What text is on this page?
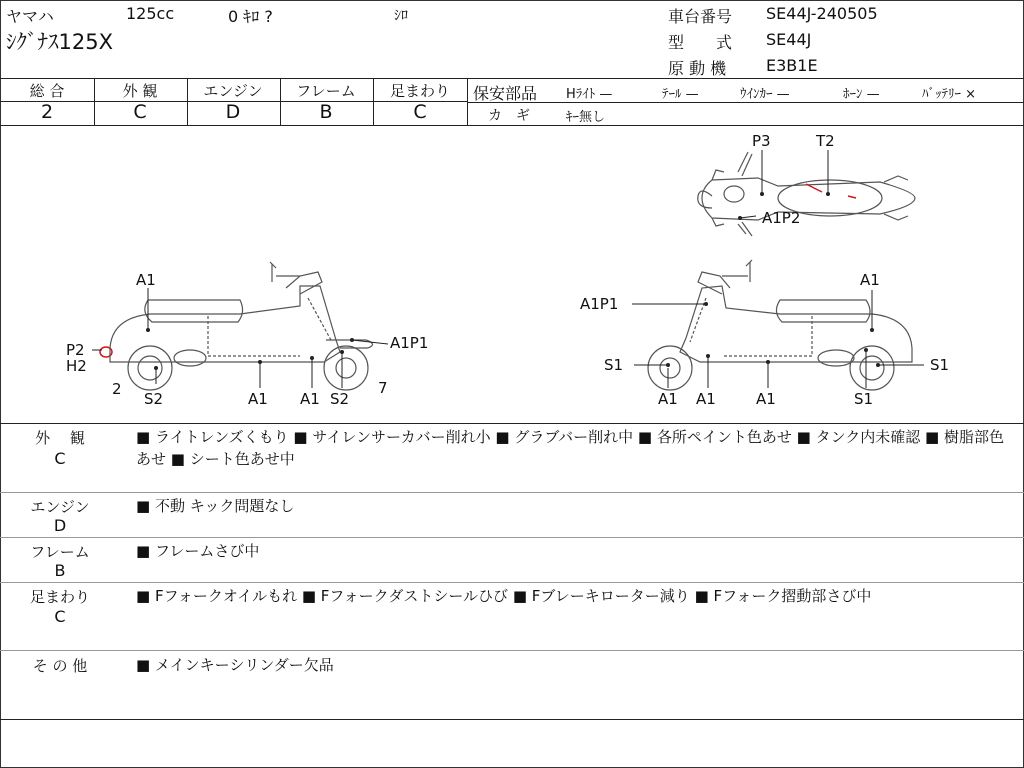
ヤマハ	125cc	0 ｷﾛ ?	ｼﾛ
ｼｸﾞﾅｽ125X
車台番号 SE44J-240505
型　　式 SE44J
原 動 機 E3B1E
総 合	外 観	エンジン	フレーム	足まわり
2	C	D	B	C
保安部品 Hﾗｲﾄ —	ﾃｰﾙ —	ｳｲﾝｶｰ —	ﾎｰﾝ —	ﾊﾞｯﾃﾘｰ ×
カ　ギ	ｷｰ無し
P3	T2
A1P2
A1
P2
H2
2
S2	A1 A1 S2
7
A1P1
A1P1
A1
S1	S1
A1 A1	A1	S1
外　 観
C
■ ライトレンズくもり ■ サイレンサーカバー削れ小 ■ グラブバー削れ中 ■ 各所ペイント色あせ ■ タンク内未確認 ■ 樹脂部色あせ ■ シート色あせ中
エンジン
D
■ 不動 キック問題なし
フレーム
B
■ フレームさび中
足まわり
C
■ Fフォークオイルもれ ■ Fフォークダストシールひび ■ Fブレーキローター減り ■ Fフォーク摺動部さび中
そ の 他	■ メインキーシリンダー欠品
